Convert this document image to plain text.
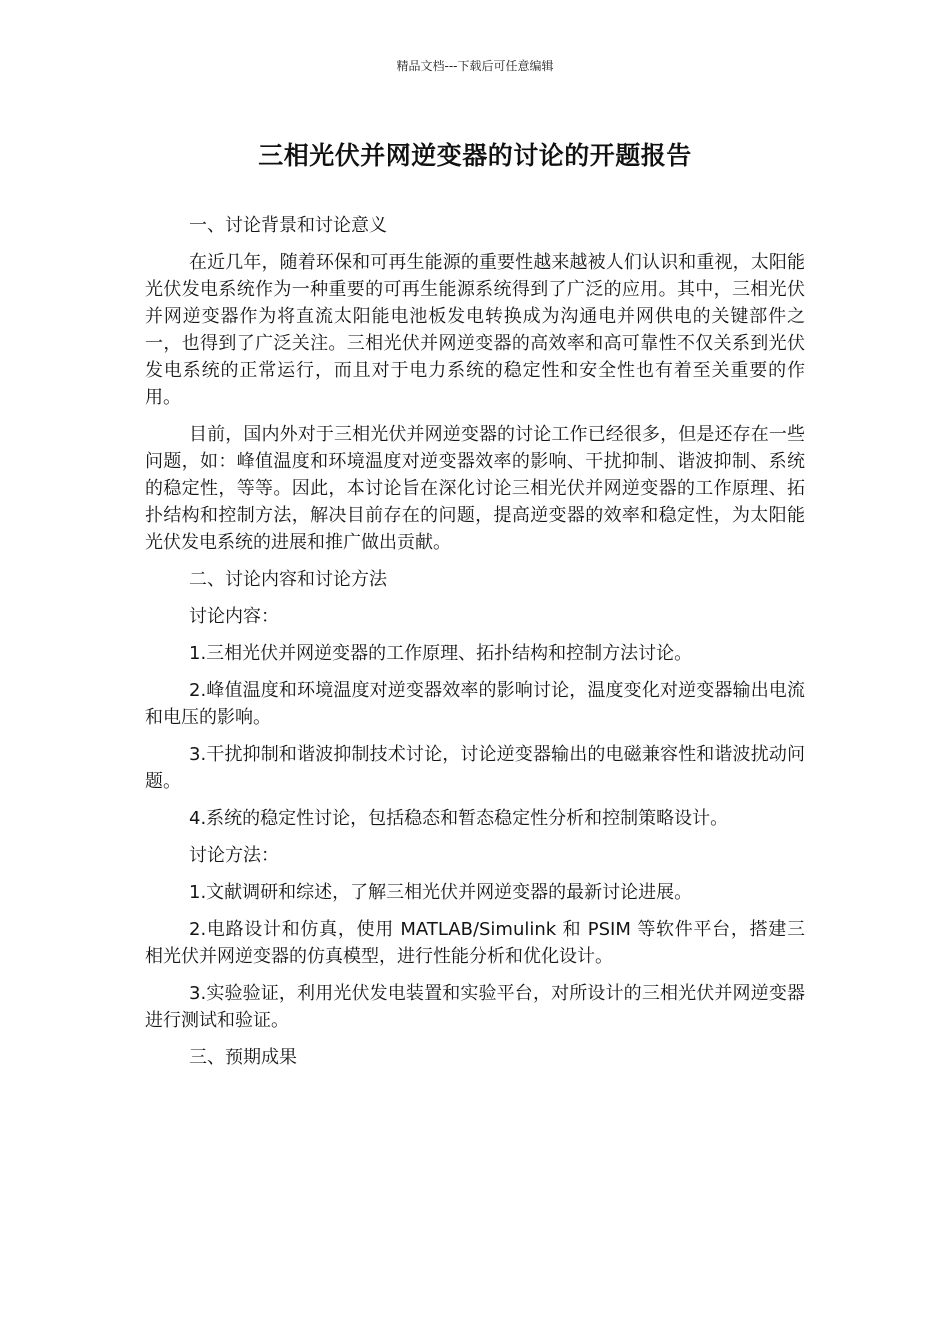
精品文档---下载后可任意编辑
三相光伏并网逆变器的讨论的开题报告

一、讨论背景和讨论意义

在近几年，随着环保和可再生能源的重要性越来越被人们认识和重视，太阳能光伏发电系统作为一种重要的可再生能源系统得到了广泛的应用。其中，三相光伏并网逆变器作为将直流太阳能电池板发电转换成为沟通电并网供电的关键部件之一，也得到了广泛关注。三相光伏并网逆变器的高效率和高可靠性不仅关系到光伏发电系统的正常运行，而且对于电力系统的稳定性和安全性也有着至关重要的作用。

目前，国内外对于三相光伏并网逆变器的讨论工作已经很多，但是还存在一些问题，如：峰值温度和环境温度对逆变器效率的影响、干扰抑制、谐波抑制、系统的稳定性，等等。因此，本讨论旨在深化讨论三相光伏并网逆变器的工作原理、拓扑结构和控制方法，解决目前存在的问题，提高逆变器的效率和稳定性，为太阳能光伏发电系统的进展和推广做出贡献。

二、讨论内容和讨论方法

讨论内容：

1.三相光伏并网逆变器的工作原理、拓扑结构和控制方法讨论。

2.峰值温度和环境温度对逆变器效率的影响讨论，温度变化对逆变器输出电流和电压的影响。

3.干扰抑制和谐波抑制技术讨论，讨论逆变器输出的电磁兼容性和谐波扰动问题。

4.系统的稳定性讨论，包括稳态和暂态稳定性分析和控制策略设计。

讨论方法：

1.文献调研和综述，了解三相光伏并网逆变器的最新讨论进展。

2.电路设计和仿真，使用 MATLAB/Simulink 和 PSIM 等软件平台，搭建三相光伏并网逆变器的仿真模型，进行性能分析和优化设计。

3.实验验证，利用光伏发电装置和实验平台，对所设计的三相光伏并网逆变器进行测试和验证。

三、预期成果
